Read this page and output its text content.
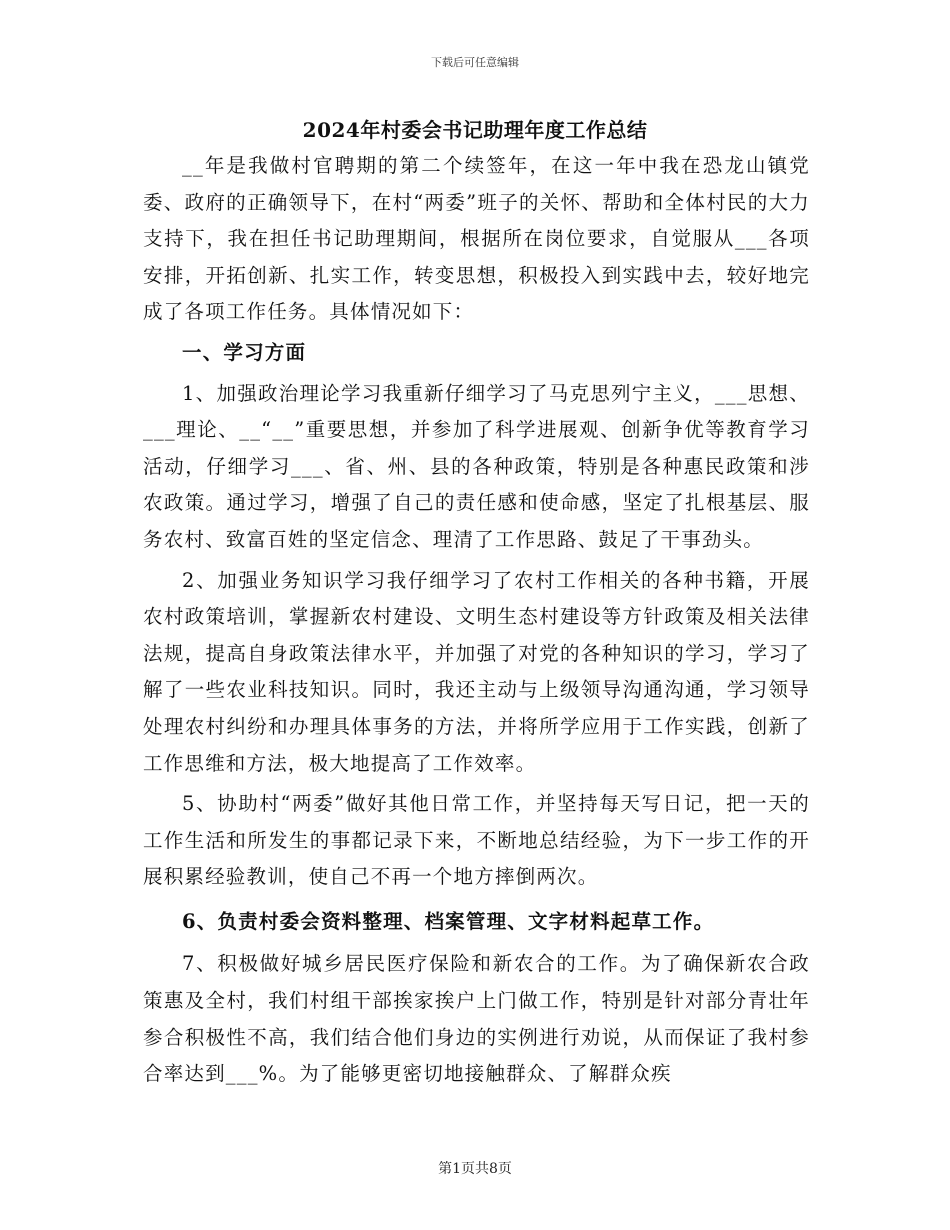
下载后可任意编辑
2024年村委会书记助理年度工作总结

__年是我做村官聘期的第二个续签年，在这一年中我在恐龙山镇党委、政府的正确领导下，在村“两委”班子的关怀、帮助和全体村民的大力支持下，我在担任书记助理期间，根据所在岗位要求，自觉服从___各项安排，开拓创新、扎实工作，转变思想，积极投入到实践中去，较好地完成了各项工作任务。具体情况如下：

一、学习方面

1、加强政治理论学习我重新仔细学习了马克思列宁主义，___思想、___理论、__“__”重要思想，并参加了科学进展观、创新争优等教育学习活动，仔细学习___、省、州、县的各种政策，特别是各种惠民政策和涉农政策。通过学习，增强了自己的责任感和使命感，坚定了扎根基层、服务农村、致富百姓的坚定信念、理清了工作思路、鼓足了干事劲头。

2、加强业务知识学习我仔细学习了农村工作相关的各种书籍，开展农村政策培训，掌握新农村建设、文明生态村建设等方针政策及相关法律法规，提高自身政策法律水平，并加强了对党的各种知识的学习，学习了解了一些农业科技知识。同时，我还主动与上级领导沟通沟通，学习领导处理农村纠纷和办理具体事务的方法，并将所学应用于工作实践，创新了工作思维和方法，极大地提高了工作效率。

5、协助村“两委”做好其他日常工作，并坚持每天写日记，把一天的工作生活和所发生的事都记录下来，不断地总结经验，为下一步工作的开展积累经验教训，使自己不再一个地方摔倒两次。

6、负责村委会资料整理、档案管理、文字材料起草工作。

7、积极做好城乡居民医疗保险和新农合的工作。为了确保新农合政策惠及全村，我们村组干部挨家挨户上门做工作，特别是针对部分青壮年参合积极性不高，我们结合他们身边的实例进行劝说，从而保证了我村参合率达到___%。为了能够更密切地接触群众、了解群众疾

第1页共8页
